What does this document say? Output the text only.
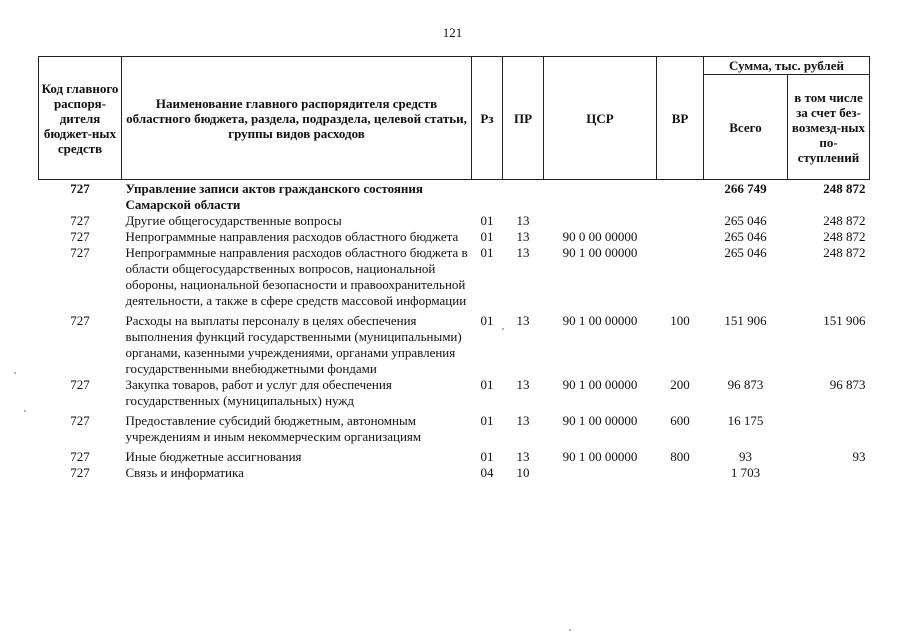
121
Код главного распоря-дителя бюджет-ных средств	Наименование главного распорядителя средств областного бюджета, раздела, подраздела, целевой статьи, группы видов расходов	Рз	ПР	ЦСР	ВР	Сумма, тыс. рублей	
						Всего	в том числе за счет без-возмезд-ных по-ступлений
727	Управление записи актов гражданского состояния Самарской области					266 749	248 872
727	Другие общегосударственные вопросы	01	13			265 046	248 872
727	Непрограммные направления расходов областного бюджета	01	13	90 0 00 00000		265 046	248 872
727	Непрограммные направления расходов областного бюджета в области общегосударственных вопросов, национальной обороны, национальной безопасности и правоохранительной деятельности, а также в сфере средств массовой информации	01	13	90 1 00 00000		265 046	248 872
727	Расходы на выплаты персоналу в целях обеспечения выполнения функций государственными (муниципальными) органами, казенными учреждениями, органами управления государственными внебюджетными фондами	01	13	90 1 00 00000	100	151 906	151 906
727	Закупка товаров, работ и услуг для обеспечения государственных (муниципальных) нужд	01	13	90 1 00 00000	200	96 873	96 873
727	Предоставление субсидий бюджетным, автономным учреждениям и иным некоммерческим организациям	01	13	90 1 00 00000	600	16 175	
727	Иные бюджетные ассигнования	01	13	90 1 00 00000	800	93	93
727	Связь и информатика	04	10			1 703	
